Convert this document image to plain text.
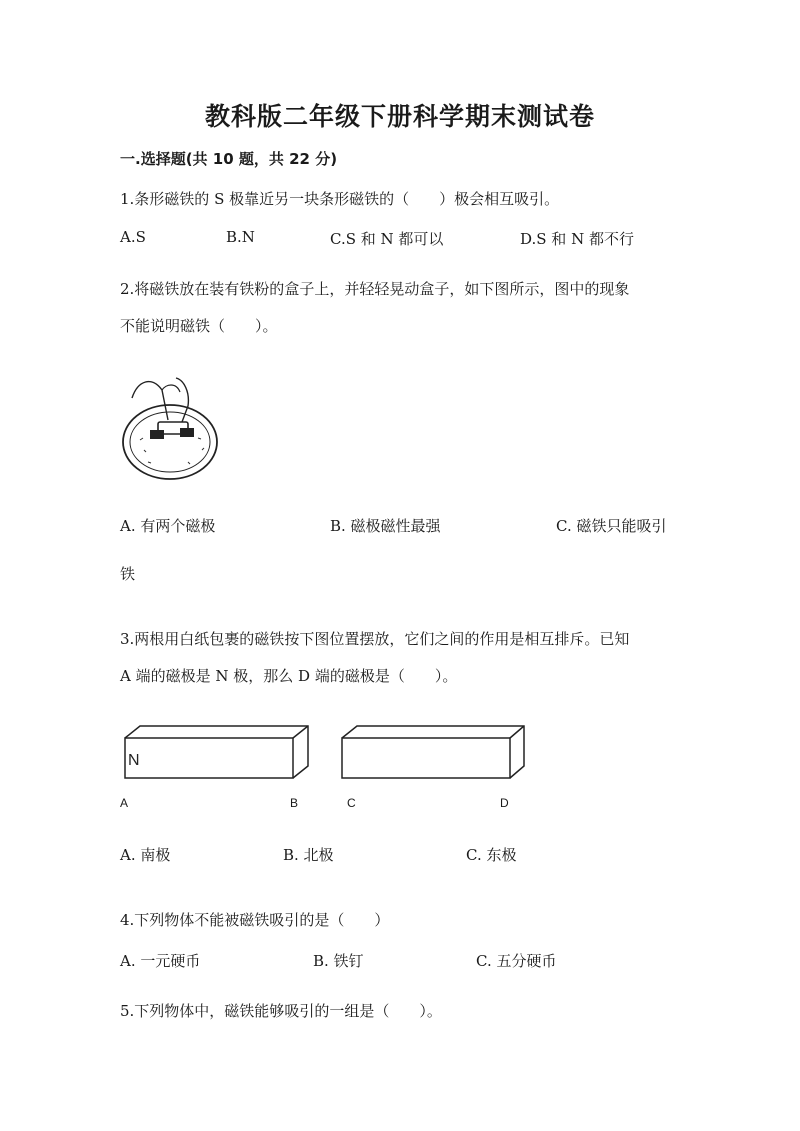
教科版二年级下册科学期末测试卷
一.选择题(共 10 题，共 22 分)
1.条形磁铁的 S 极靠近另一块条形磁铁的（　　）极会相互吸引。
A.S	B.N	C.S 和 N 都可以	D.S 和 N 都不行
2.将磁铁放在装有铁粉的盒子上，并轻轻晃动盒子，如下图所示，图中的现象
不能说明磁铁（　　）。
A. 有两个磁极	B. 磁极磁性最强	C. 磁铁只能吸引
铁
3.两根用白纸包裹的磁铁按下图位置摆放，它们之间的作用是相互排斥。已知
A 端的磁极是 N 极，那么 D 端的磁极是（　　）。
N
A	B	C	D
A. 南极	B. 北极	C. 东极
4.下列物体不能被磁铁吸引的是（　　）
A. 一元硬币	B. 铁钉	C. 五分硬币
5.下列物体中，磁铁能够吸引的一组是（　　）。
